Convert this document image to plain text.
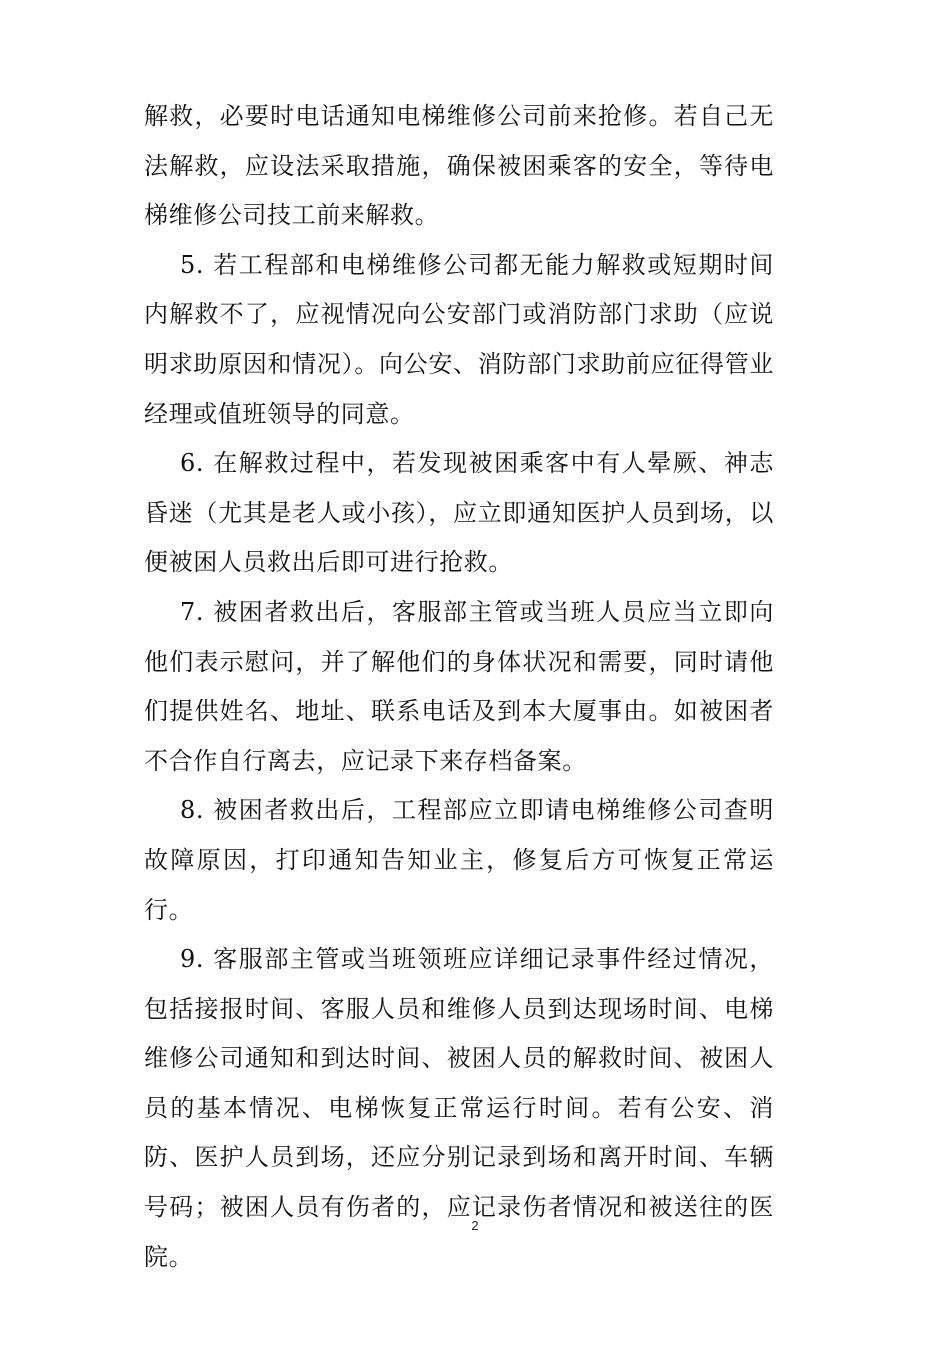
解救，必要时电话通知电梯维修公司前来抢修。若自己无法解救，应设法采取措施，确保被困乘客的安全，等待电梯维修公司技工前来解救。

5. 若工程部和电梯维修公司都无能力解救或短期时间内解救不了，应视情况向公安部门或消防部门求助（应说明求助原因和情况）。向公安、消防部门求助前应征得管业经理或值班领导的同意。

6. 在解救过程中，若发现被困乘客中有人晕厥、神志昏迷（尤其是老人或小孩），应立即通知医护人员到场，以便被困人员救出后即可进行抢救。

7. 被困者救出后，客服部主管或当班人员应当立即向他们表示慰问，并了解他们的身体状况和需要，同时请他们提供姓名、地址、联系电话及到本大厦事由。如被困者不合作自行离去，应记录下来存档备案。

8. 被困者救出后，工程部应立即请电梯维修公司查明故障原因，打印通知告知业主，修复后方可恢复正常运行。

9. 客服部主管或当班领班应详细记录事件经过情况，包括接报时间、客服人员和维修人员到达现场时间、电梯维修公司通知和到达时间、被困人员的解救时间、被困人员的基本情况、电梯恢复正常运行时间。若有公安、消防、医护人员到场，还应分别记录到场和离开时间、车辆号码；被困人员有伤者的，应记录伤者情况和被送往的医院。

2
